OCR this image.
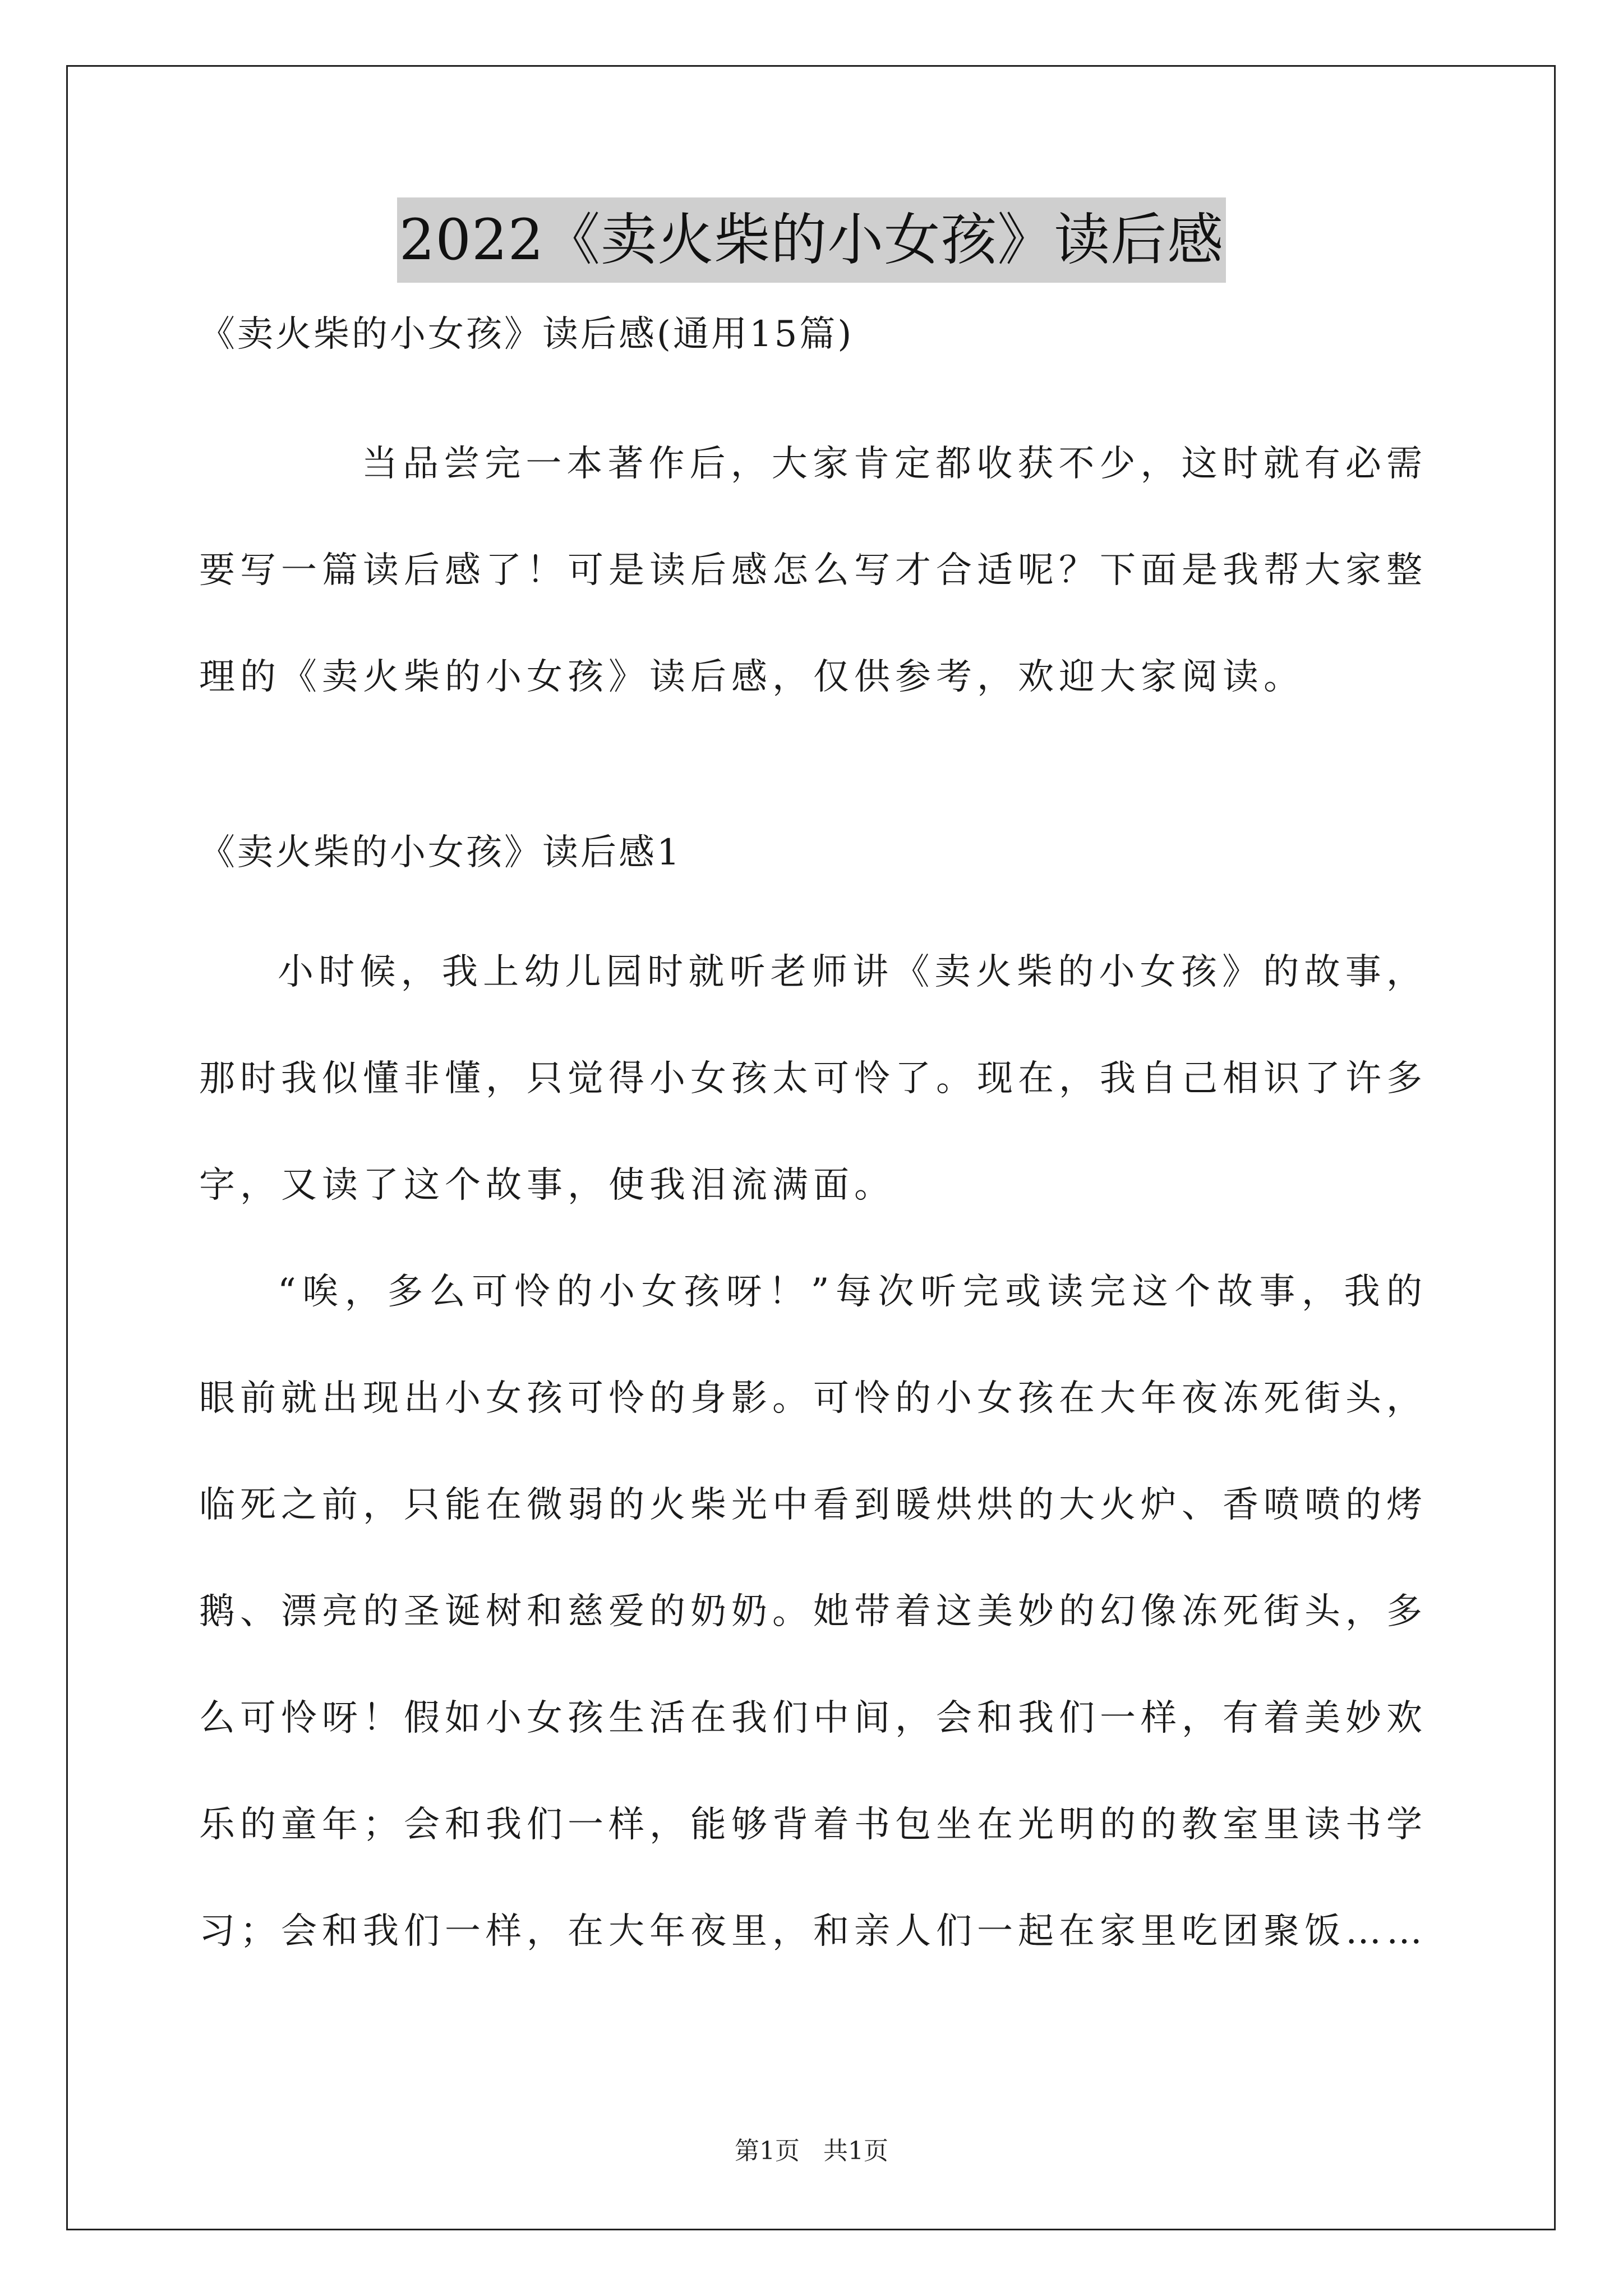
2022《卖火柴的小女孩》读后感

《卖火柴的小女孩》读后感(通用15篇)

当品尝完一本著作后，大家肯定都收获不少，这时就有必需要写一篇读后感了！可是读后感怎么写才合适呢？下面是我帮大家整理的《卖火柴的小女孩》读后感，仅供参考，欢迎大家阅读。

《卖火柴的小女孩》读后感1

小时候，我上幼儿园时就听老师讲《卖火柴的小女孩》的故事，那时我似懂非懂，只觉得小女孩太可怜了。现在，我自己相识了许多字，又读了这个故事，使我泪流满面。

“唉，多么可怜的小女孩呀！”每次听完或读完这个故事，我的眼前就出现出小女孩可怜的身影。可怜的小女孩在大年夜冻死街头，临死之前，只能在微弱的火柴光中看到暖烘烘的大火炉、香喷喷的烤鹅、漂亮的圣诞树和慈爱的奶奶。她带着这美妙的幻像冻死街头，多么可怜呀！假如小女孩生活在我们中间，会和我们一样，有着美妙欢乐的童年；会和我们一样，能够背着书包坐在光明的的教室里读书学习；会和我们一样，在大年夜里，和亲人们一起在家里吃团聚饭……

第1页   共1页
